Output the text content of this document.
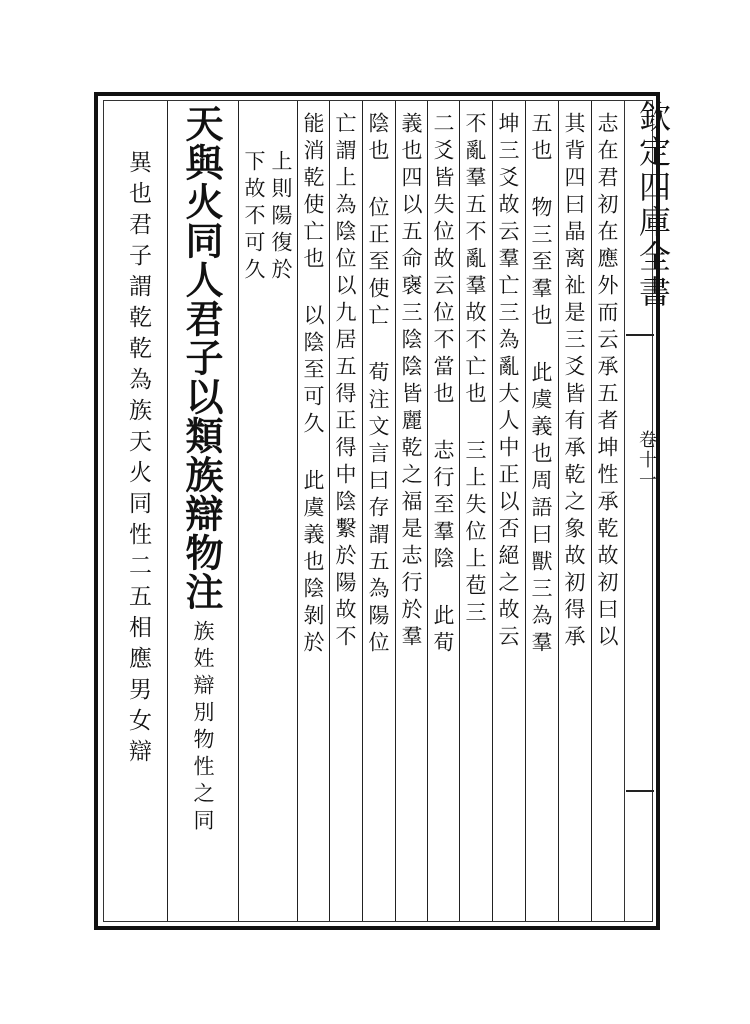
欽定四庫全書
卷十一
志在君初在應外而云承五者坤性承乾故初曰以
其背四曰晶离祉是三爻皆有承乾之象故初得承
五也 物三至羣也 此虞義也周語曰獸三為羣
坤三爻故云羣亡三為亂大人中正以否絕之故云
不亂羣五不亂羣故不亡也 三上失位上苞三
二爻皆失位故云位不當也 志行至羣陰 此荀
義也四以五命襃三陰陰皆麗乾之福是志行於羣
陰也 位正至使亡 荀注文言曰存謂五為陽位
亡謂上為陰位以九居五得正得中陰繫於陽故不
能消乾使亡也 以陰至可久 此虞義也陰剝於
上則陽復於
下故不可久
天與火同人君子以類族辯物注
族姓辯別物性之同
異也君子謂乾乾為族天火同性二五相應男女辯
